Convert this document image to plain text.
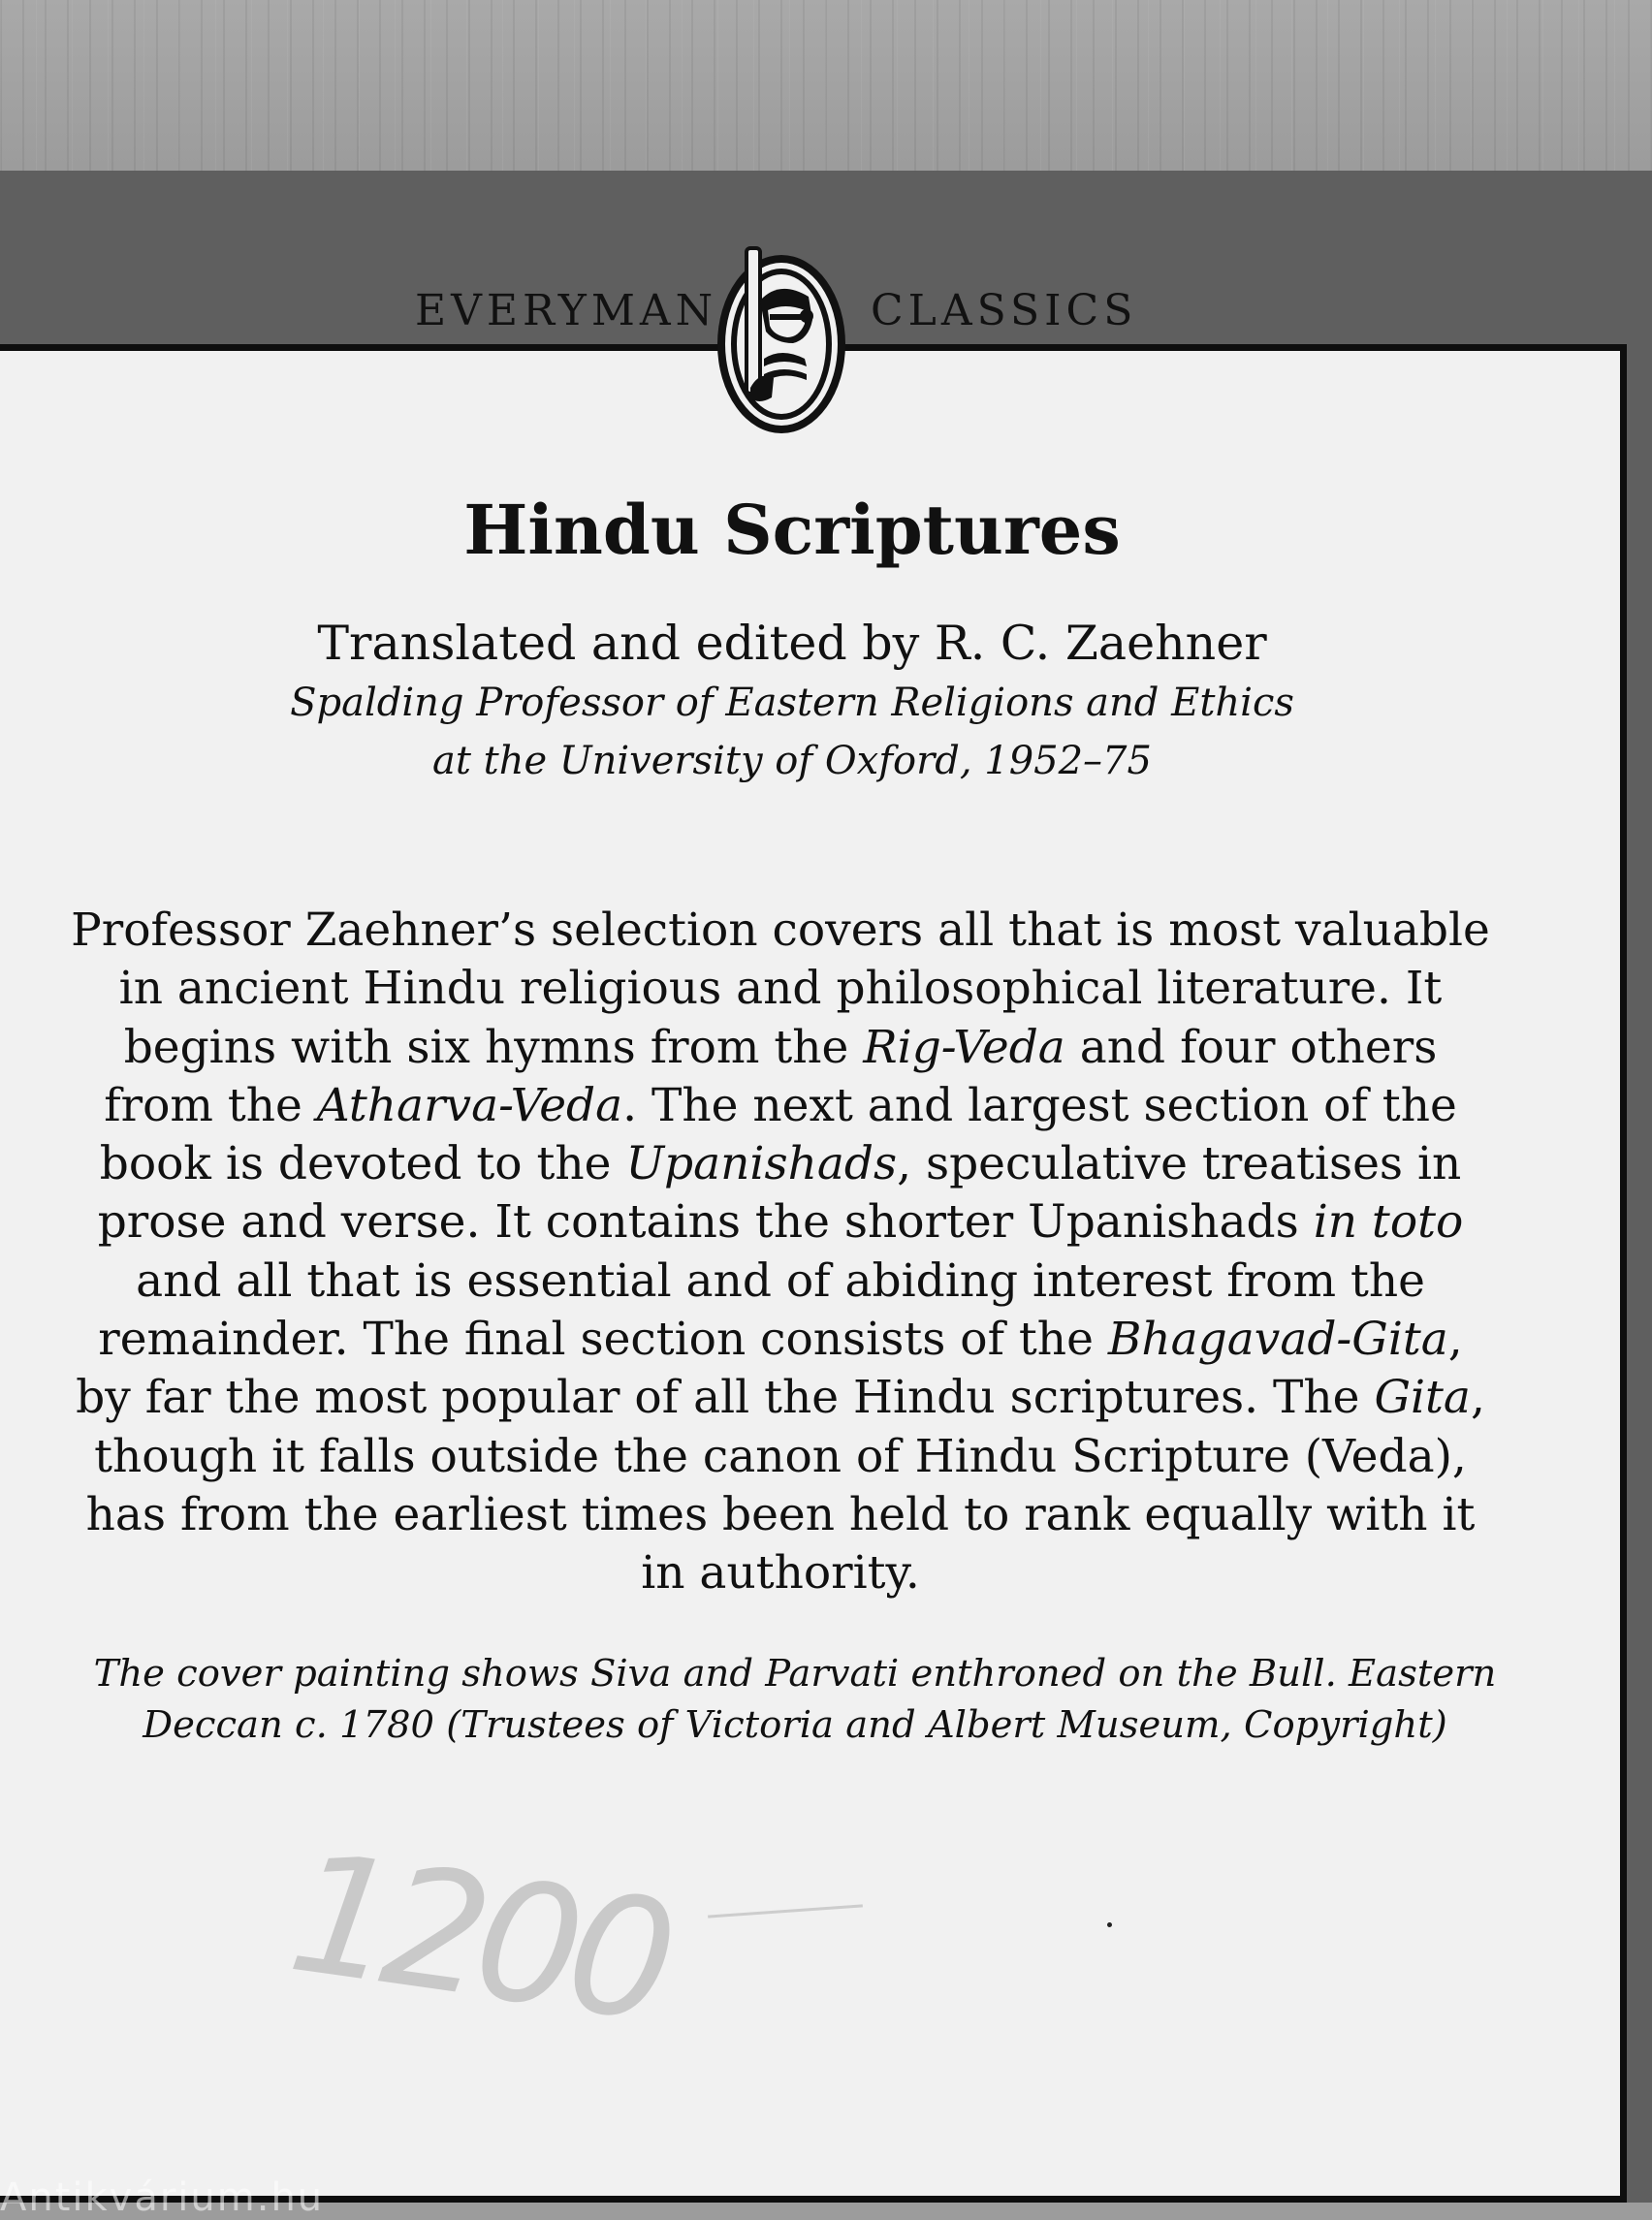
EVERYMAN	CLASSICS
Hindu Scriptures
Translated and edited by R. C. Zaehner
Spalding Professor of Eastern Religions and Ethics
at the University of Oxford, 1952–75
Professor Zaehner’s selection covers all that is most valuable in ancient Hindu religious and philosophical literature. It begins with six hymns from the Rig-Veda and four others from the Atharva-Veda. The next and largest section of the book is devoted to the Upanishads, speculative treatises in prose and verse. It contains the shorter Upanishads in toto and all that is essential and of abiding interest from the remainder. The final section consists of the Bhagavad-Gita, by far the most popular of all the Hindu scriptures. The Gita, though it falls outside the canon of Hindu Scripture (Veda), has from the earliest times been held to rank equally with it in authority.
The cover painting shows Siva and Parvati enthroned on the Bull. Eastern
Deccan c. 1780 (Trustees of Victoria and Albert Museum, Copyright)
1200
Antikvárium.hu
